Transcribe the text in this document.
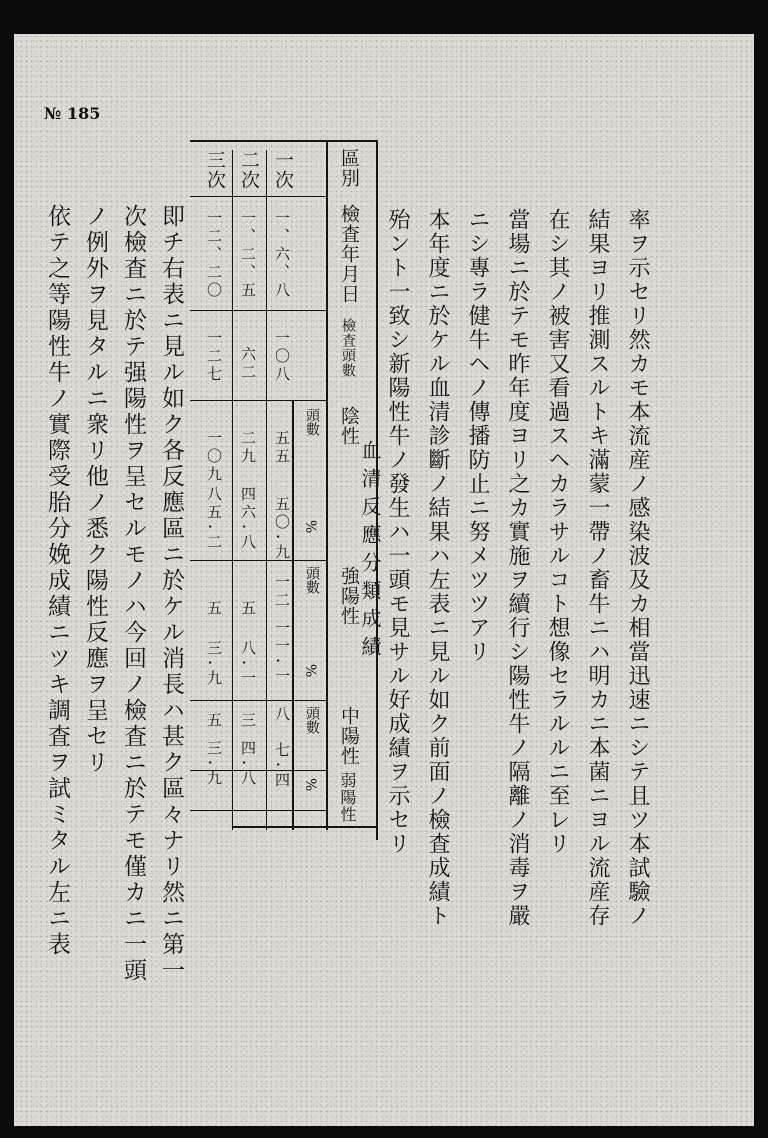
№ 185
率ヲ示セリ然カモ本流産ノ感染波及カ相當迅速ニシテ且ツ本試驗ノ
結果ヨリ推測スルトキ滿蒙一帶ノ畜牛ニハ明カニ本菌ニヨル流産存
在シ其ノ被害又看過スヘカラサルコト想像セラルルニ至レリ
當場ニ於テモ昨年度ヨリ之カ實施ヲ續行シ陽性牛ノ隔離ノ消毒ヲ嚴
ニシ專ラ健牛ヘノ傳播防止ニ努メツツアリ
本年度ニ於ケル血清診斷ノ結果ハ左表ニ見ル如ク前面ノ檢査成績ト
血清反應分類成績
區別
檢査年月日
檢査頭數
陰性
強陽性
中陽性
弱陽性
頭數
%
頭數
%
頭數
%
一次
一、六、八
一〇八
五五
五〇.九
一二
一一.一
八
七.四
二次
一、二、五
六二
二九
四六.八
五
八.一
三
四.八
三次
一二、二〇
一二七
一〇九
八五.二
五
三.九
五
三.九
即チ右表ニ見ル如ク各反應區ニ於ケル消長ハ甚ク區々ナリ然ニ第一
次檢査ニ於テ强陽性ヲ呈セルモノハ今回ノ檢査ニ於テモ僅カニ一頭
ノ例外ヲ見タルニ衆リ他ノ悉ク陽性反應ヲ呈セリ
依テ之等陽性牛ノ實際受胎分娩成績ニツキ調査ヲ試ミタル左ニ表	殆ント一致シ新陽性牛ノ發生ハ一頭モ見サル好成績ヲ示セリ
